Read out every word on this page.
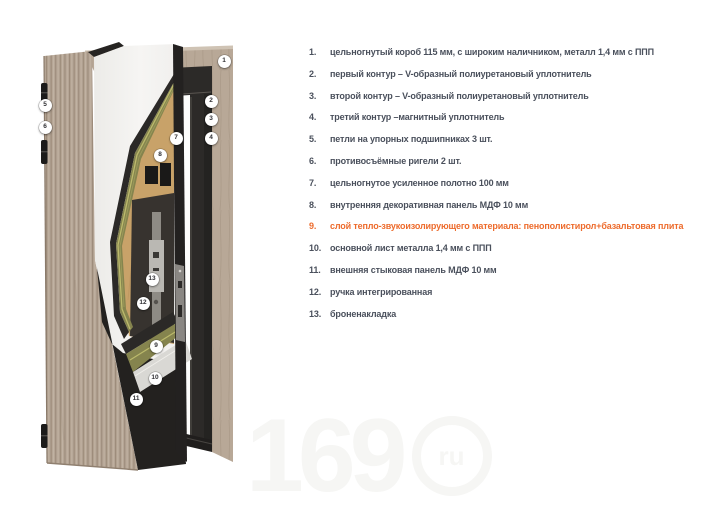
1
2
3
4
5
6
7
8
13
12
9
10
11
1.	цельногнутый короб 115 мм, с широким наличником, металл 1,4 мм с ППП
2.	первый контур – V-образный полиуретановый уплотнитель
3.	второй контур – V-образный полиуретановый уплотнитель
4.	третий контур –магнитный уплотнитель
5.	петли на упорных подшипниках 3 шт.
6.	противосъёмные ригели 2 шт.
7.	цельногнутое усиленное полотно 100 мм
8.	внутренняя декоративная панель МДФ 10 мм
9.	слой тепло-звукоизолирующего материала: пенополистирол+базальтовая плита
10. основной лист металла 1,4 мм с ППП
11.	внешняя стыковая панель МДФ 10 мм
12. ручка интегрированная
13. броненакладка
169	ru
